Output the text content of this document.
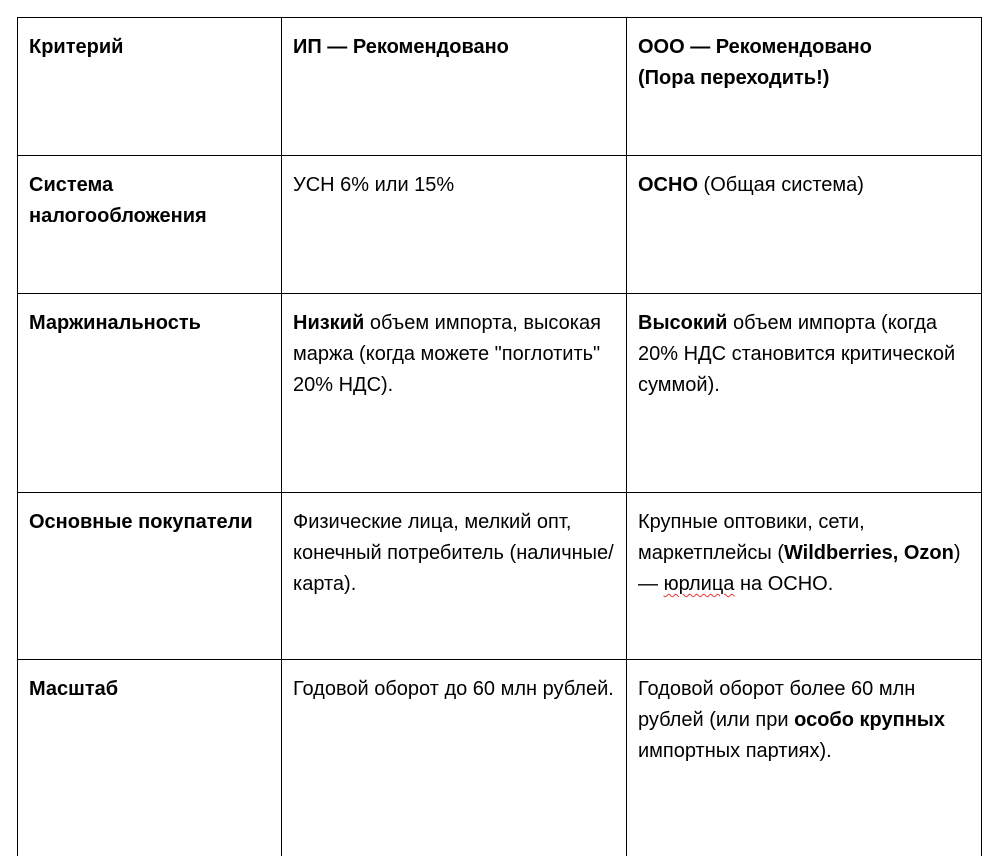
Критерий	ИП — Рекомендовано	ООО — Рекомендовано
(Пора переходить!)

Система налогообложения	УСН 6% или 15%	ОСНО (Общая система)

Маржинальность	Низкий объем импорта, высокая маржа (когда можете "поглотить" 20% НДС).	Высокий объем импорта (когда 20% НДС становится критической суммой).

Основные покупатели	Физические лица, мелкий опт, конечный потребитель (наличные/карта).	Крупные оптовики, сети, маркетплейсы (Wildberries, Ozon) — юрлица на ОСНО.

Масштаб	Годовой оборот до 60 млн рублей.	Годовой оборот более 60 млн рублей (или при особо крупных импортных партиях).
